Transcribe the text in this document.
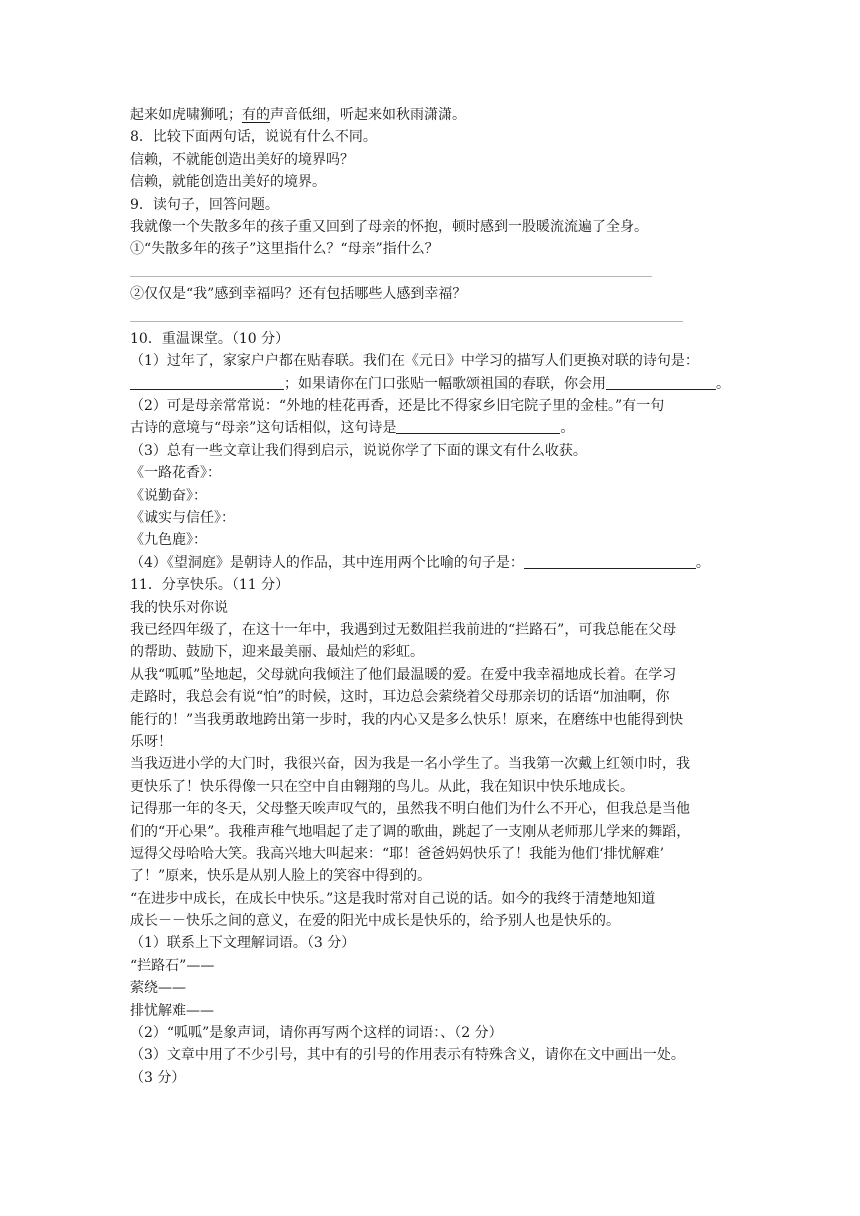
起来如虎啸狮吼；有的声音低细，听起来如秋雨潇潇。
8．比较下面两句话，说说有什么不同。
信赖，不就能创造出美好的境界吗？
信赖，就能创造出美好的境界。
9．读句子，回答问题。
我就像一个失散多年的孩子重又回到了母亲的怀抱，顿时感到一股暖流流遍了全身。
①“失散多年的孩子”这里指什么？“母亲”指什么？
②仅仅是“我”感到幸福吗？还有包括哪些人感到幸福？
10．重温课堂。（10 分）
（1）过年了，家家户户都在贴春联。我们在《元日》中学习的描写人们更换对联的诗句是：
；如果请你在门口张贴一幅歌颂祖国的春联，你会用	。
（2）可是母亲常常说：“外地的桂花再香，还是比不得家乡旧宅院子里的金桂。”有一句
古诗的意境与“母亲”这句话相似，这句诗是	。
（3）总有一些文章让我们得到启示，说说你学了下面的课文有什么收获。
《一路花香》：
《说勤奋》：
《诚实与信任》：
《九色鹿》：
（4）《望洞庭》是朝诗人的作品，其中连用两个比喻的句子是：	。
11．分享快乐。（11 分）
我的快乐对你说
我已经四年级了，在这十一年中，我遇到过无数阻拦我前进的“拦路石”，可我总能在父母
的帮助、鼓励下，迎来最美丽、最灿烂的彩虹。
从我“呱呱”坠地起，父母就向我倾注了他们最温暖的爱。在爱中我幸福地成长着。在学习
走路时，我总会有说“怕”的时候，这时，耳边总会萦绕着父母那亲切的话语“加油啊，你
能行的！”当我勇敢地跨出第一步时，我的内心又是多么快乐！原来，在磨练中也能得到快
乐呀！
当我迈进小学的大门时，我很兴奋，因为我是一名小学生了。当我第一次戴上红领巾时，我
更快乐了！快乐得像一只在空中自由翱翔的鸟儿。从此，我在知识中快乐地成长。
记得那一年的冬天，父母整天唉声叹气的，虽然我不明白他们为什么不开心，但我总是当他
们的“开心果”。我稚声稚气地唱起了走了调的歌曲，跳起了一支刚从老师那儿学来的舞蹈，
逗得父母哈哈大笑。我高兴地大叫起来：“耶！爸爸妈妈快乐了！我能为他们‘排忧解难’
了！”原来，快乐是从别人脸上的笑容中得到的。
“在进步中成长，在成长中快乐。”这是我时常对自己说的话。如今的我终于清楚地知道
成长－－快乐之间的意义，在爱的阳光中成长是快乐的，给予别人也是快乐的。
（1）联系上下文理解词语。（3 分）
“拦路石”——
萦绕——
排忧解难——
（2）“呱呱”是象声词，请你再写两个这样的词语：、（2 分）
（3）文章中用了不少引号，其中有的引号的作用表示有特殊含义，请你在文中画出一处。
（3 分）
